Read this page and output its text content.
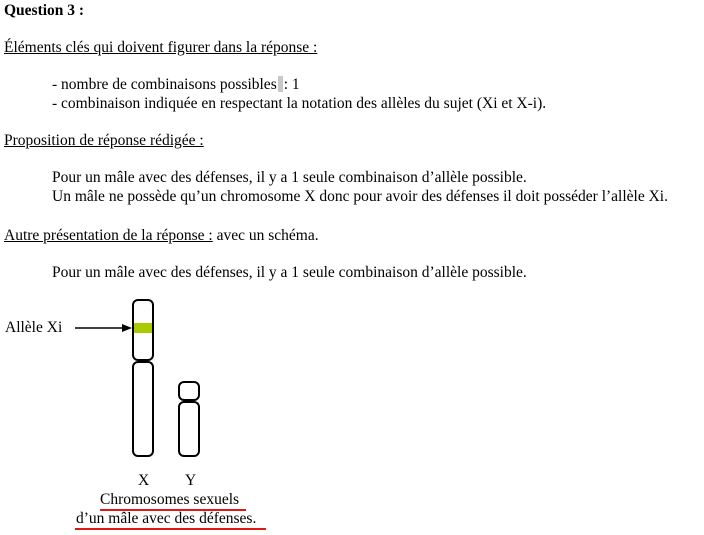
Question 3 :
Éléments clés qui doivent figurer dans la réponse :
- nombre de combinaisons possibles : 1
- combinaison indiquée en respectant la notation des allèles du sujet (Xi et X-i).
Proposition de réponse rédigée :
Pour un mâle avec des défenses, il y a 1 seule combinaison d’allèle possible.
Un mâle ne possède qu’un chromosome X donc pour avoir des défenses il doit posséder l’allèle Xi.
Autre présentation de la réponse : avec un schéma.
Pour un mâle avec des défenses, il y a 1 seule combinaison d’allèle possible.
Allèle Xi
X Y
Chromosomes sexuels
d’un mâle avec des défenses.
